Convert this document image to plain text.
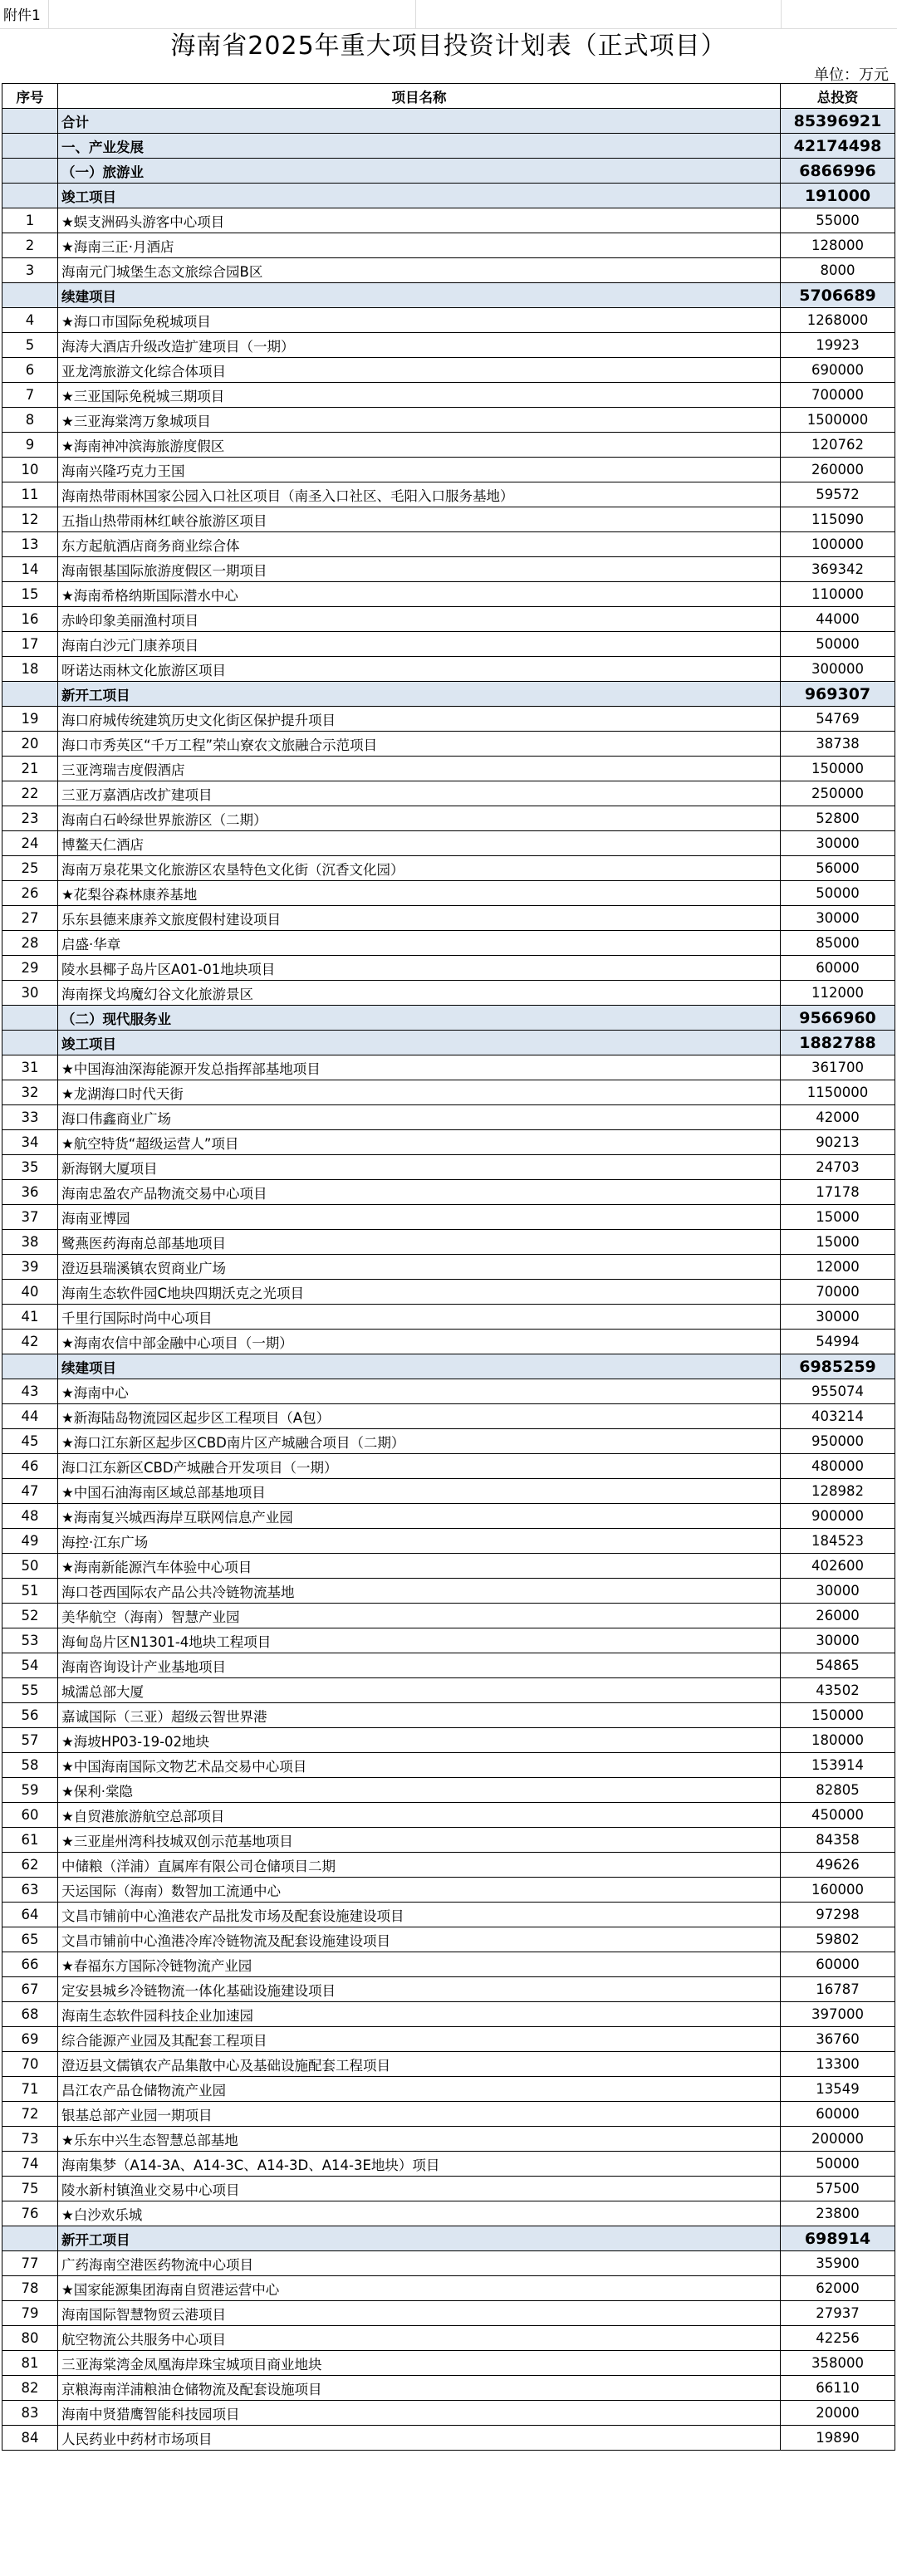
附件1
海南省2025年重大项目投资计划表（正式项目）
单位：万元
序号	项目名称	总投资
	合计	85396921
	一、产业发展	42174498
	（一）旅游业	6866996
	竣工项目	191000
1	★蜈支洲码头游客中心项目	55000
2	★海南三正·月酒店	128000
3	海南元门城堡生态文旅综合园B区	8000
	续建项目	5706689
4	★海口市国际免税城项目	1268000
5	海涛大酒店升级改造扩建项目（一期）	19923
6	亚龙湾旅游文化综合体项目	690000
7	★三亚国际免税城三期项目	700000
8	★三亚海棠湾万象城项目	1500000
9	★海南神冲滨海旅游度假区	120762
10	海南兴隆巧克力王国	260000
11	海南热带雨林国家公园入口社区项目（南圣入口社区、毛阳入口服务基地）	59572
12	五指山热带雨林红峡谷旅游区项目	115090
13	东方起航酒店商务商业综合体	100000
14	海南银基国际旅游度假区一期项目	369342
15	★海南希格纳斯国际潜水中心	110000
16	赤岭印象美丽渔村项目	44000
17	海南白沙元门康养项目	50000
18	呀诺达雨林文化旅游区项目	300000
	新开工项目	969307
19	海口府城传统建筑历史文化街区保护提升项目	54769
20	海口市秀英区“千万工程”荣山寮农文旅融合示范项目	38738
21	三亚湾瑞吉度假酒店	150000
22	三亚万嘉酒店改扩建项目	250000
23	海南白石岭绿世界旅游区（二期）	52800
24	博鳌天仁酒店	30000
25	海南万泉花果文化旅游区农垦特色文化街（沉香文化园）	56000
26	★花梨谷森林康养基地	50000
27	乐东县德来康养文旅度假村建设项目	30000
28	启盛·华章	85000
29	陵水县椰子岛片区A01-01地块项目	60000
30	海南探戈坞魔幻谷文化旅游景区	112000
	（二）现代服务业	9566960
	竣工项目	1882788
31	★中国海油深海能源开发总指挥部基地项目	361700
32	★龙湖海口时代天街	1150000
33	海口伟鑫商业广场	42000
34	★航空特货“超级运营人”项目	90213
35	新海钢大厦项目	24703
36	海南忠盈农产品物流交易中心项目	17178
37	海南亚博园	15000
38	鹭燕医药海南总部基地项目	15000
39	澄迈县瑞溪镇农贸商业广场	12000
40	海南生态软件园C地块四期沃克之光项目	70000
41	千里行国际时尚中心项目	30000
42	★海南农信中部金融中心项目（一期）	54994
	续建项目	6985259
43	★海南中心	955074
44	★新海陆岛物流园区起步区工程项目（A包）	403214
45	★海口江东新区起步区CBD南片区产城融合项目（二期）	950000
46	海口江东新区CBD产城融合开发项目（一期）	480000
47	★中国石油海南区域总部基地项目	128982
48	★海南复兴城西海岸互联网信息产业园	900000
49	海控·江东广场	184523
50	★海南新能源汽车体验中心项目	402600
51	海口苍西国际农产品公共冷链物流基地	30000
52	美华航空（海南）智慧产业园	26000
53	海甸岛片区N1301-4地块工程项目	30000
54	海南咨询设计产业基地项目	54865
55	城濡总部大厦	43502
56	嘉诚国际（三亚）超级云智世界港	150000
57	★海坡HP03-19-02地块	180000
58	★中国海南国际文物艺术品交易中心项目	153914
59	★保利·棠隐	82805
60	★自贸港旅游航空总部项目	450000
61	★三亚崖州湾科技城双创示范基地项目	84358
62	中储粮（洋浦）直属库有限公司仓储项目二期	49626
63	天运国际（海南）数智加工流通中心	160000
64	文昌市铺前中心渔港农产品批发市场及配套设施建设项目	97298
65	文昌市铺前中心渔港冷库冷链物流及配套设施建设项目	59802
66	★春福东方国际冷链物流产业园	60000
67	定安县城乡冷链物流一体化基础设施建设项目	16787
68	海南生态软件园科技企业加速园	397000
69	综合能源产业园及其配套工程项目	36760
70	澄迈县文儒镇农产品集散中心及基础设施配套工程项目	13300
71	昌江农产品仓储物流产业园	13549
72	银基总部产业园一期项目	60000
73	★乐东中兴生态智慧总部基地	200000
74	海南集梦（A14-3A、A14-3C、A14-3D、A14-3E地块）项目	50000
75	陵水新村镇渔业交易中心项目	57500
76	★白沙欢乐城	23800
	新开工项目	698914
77	广药海南空港医药物流中心项目	35900
78	★国家能源集团海南自贸港运营中心	62000
79	海南国际智慧物贸云港项目	27937
80	航空物流公共服务中心项目	42256
81	三亚海棠湾金凤凰海岸珠宝城项目商业地块	358000
82	京粮海南洋浦粮油仓储物流及配套设施项目	66110
83	海南中贤猎鹰智能科技园项目	20000
84	人民药业中药材市场项目	19890
